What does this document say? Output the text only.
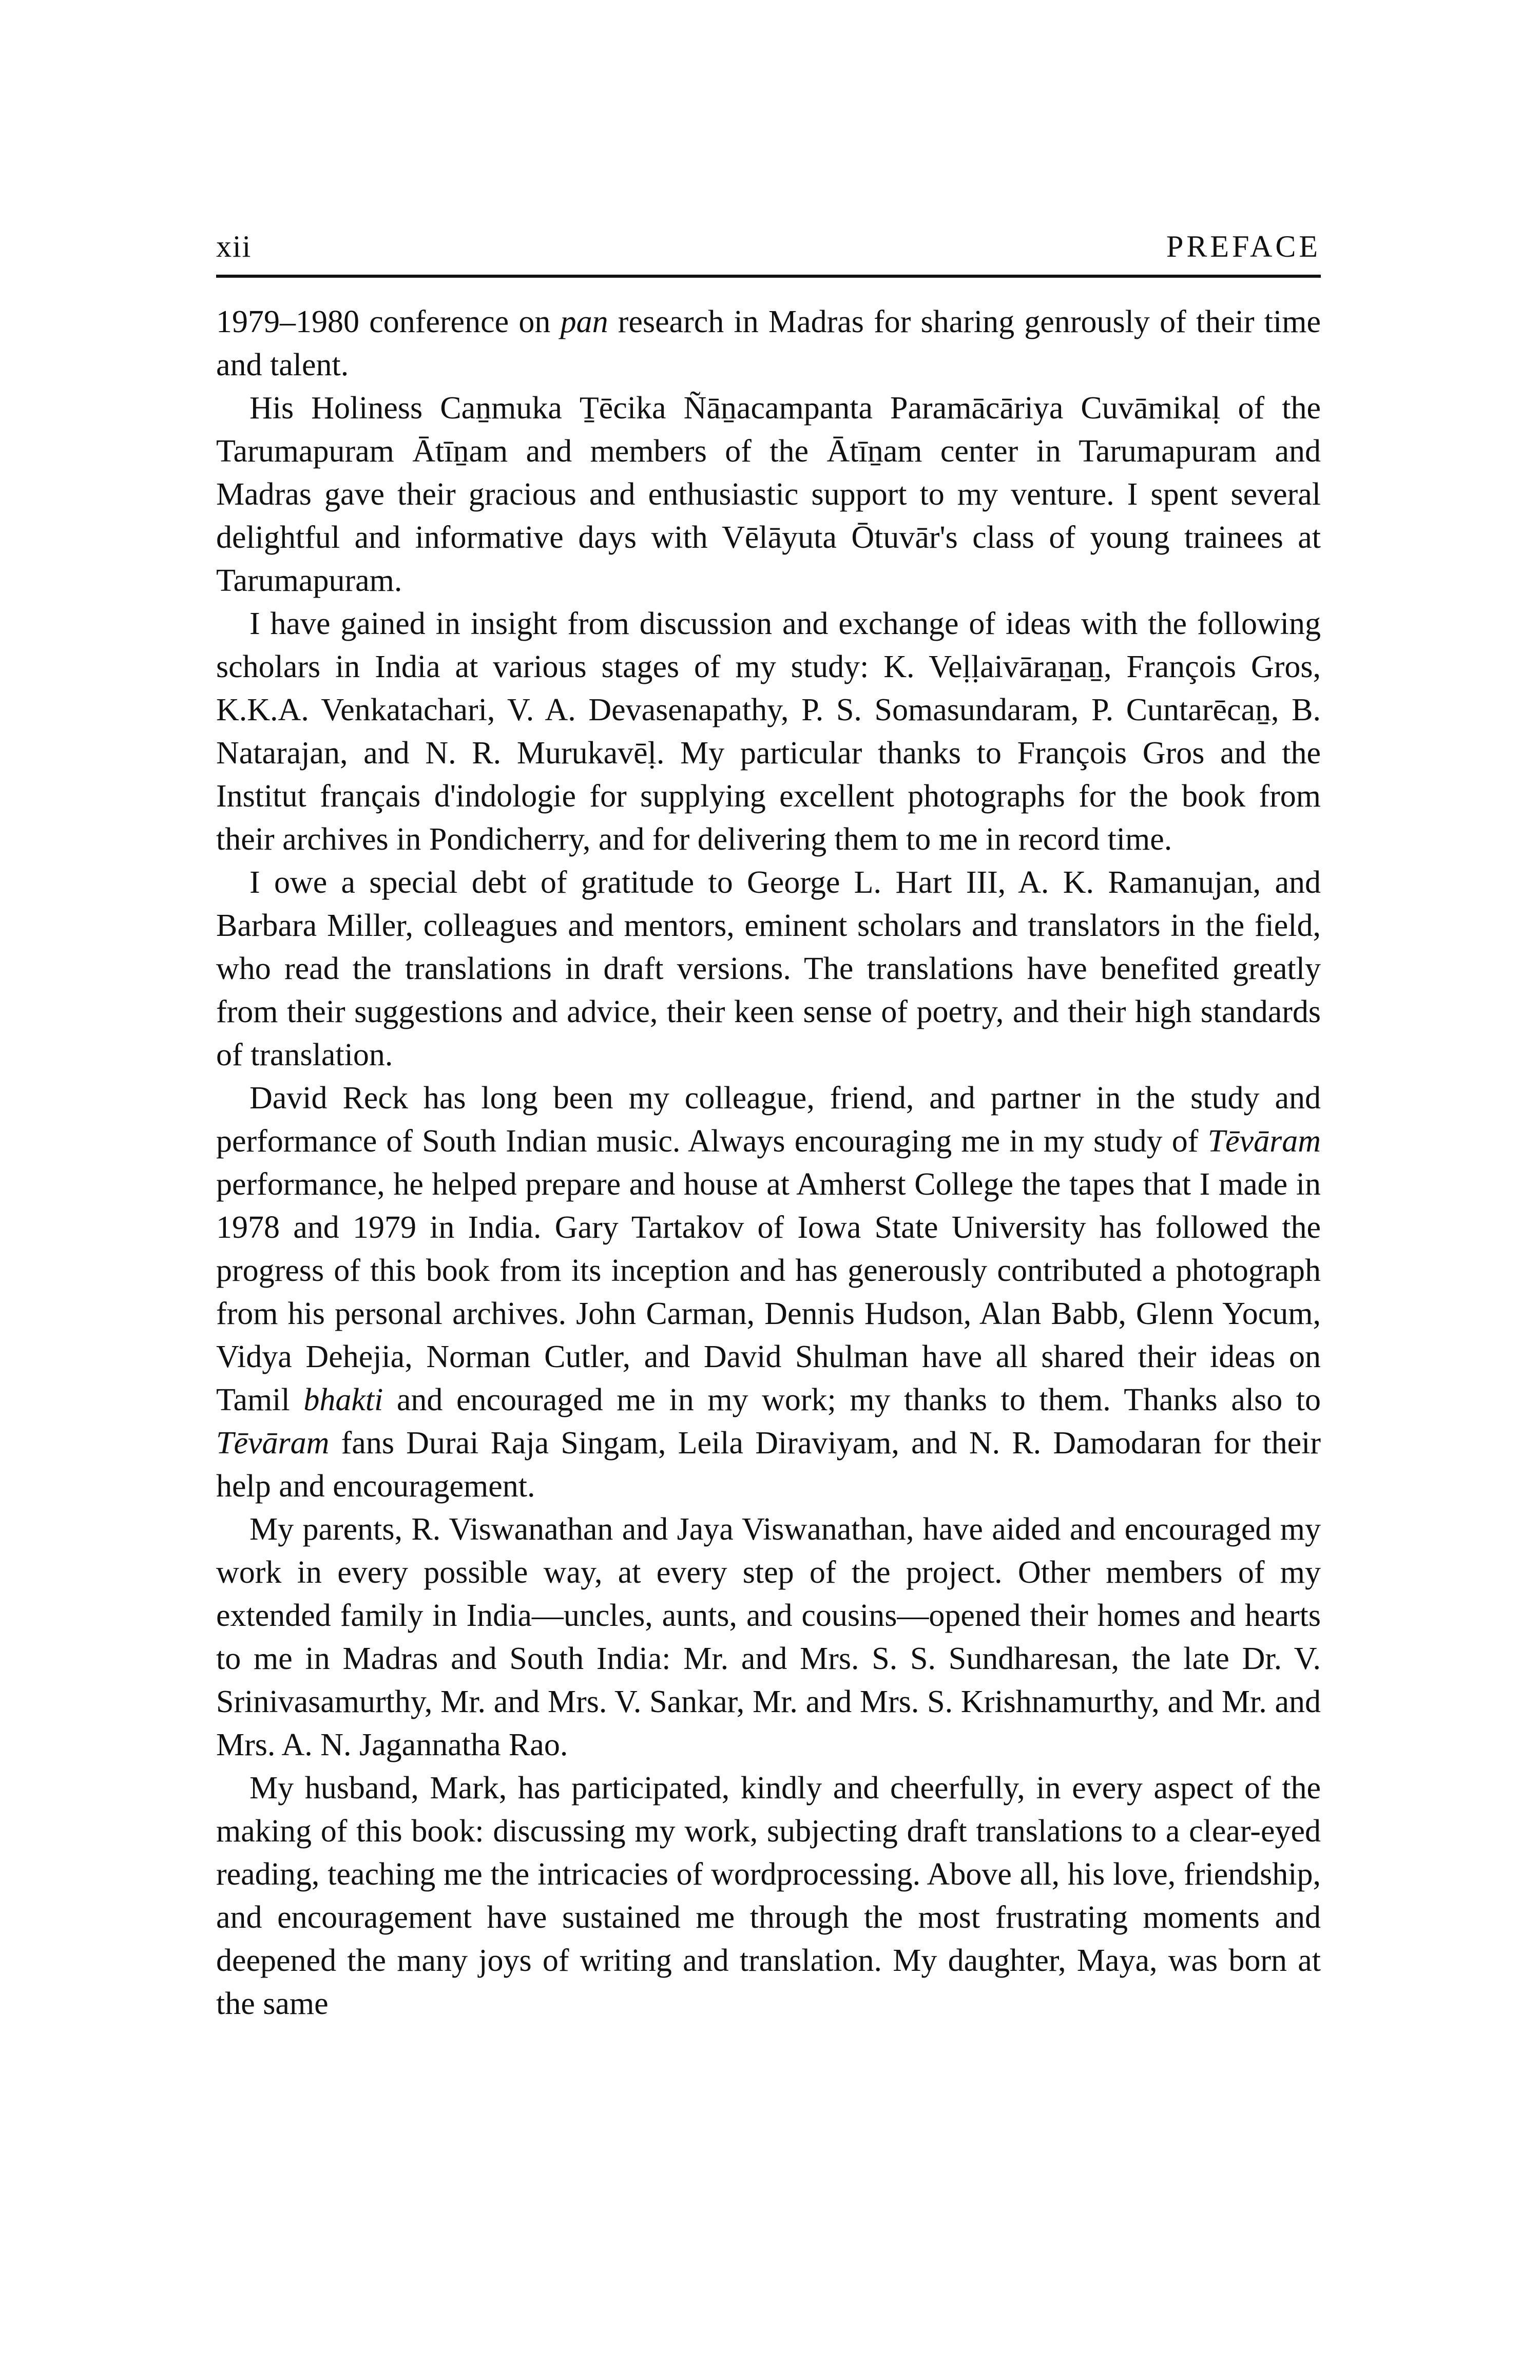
xii	PREFACE

1979–1980 conference on pan research in Madras for sharing genrously of their time and talent.

His Holiness Caṉmuka Ṯēcika Ñāṉacampanta Paramācāriya Cuvāmikaḷ of the Tarumapuram Ātīṉam and members of the Ātīṉam center in Tarumapuram and Madras gave their gracious and enthusiastic support to my venture. I spent several delightful and informative days with Vēlāyuta Ōtuvār's class of young trainees at Tarumapuram.

I have gained in insight from discussion and exchange of ideas with the following scholars in India at various stages of my study: K. Veḷḷaivāraṉaṉ, François Gros, K.K.A. Venkatachari, V. A. Devasenapathy, P. S. Somasundaram, P. Cuntarēcaṉ, B. Natarajan, and N. R. Murukavēḷ. My particular thanks to François Gros and the Institut français d'indologie for supplying excellent photographs for the book from their archives in Pondicherry, and for delivering them to me in record time.

I owe a special debt of gratitude to George L. Hart III, A. K. Ramanujan, and Barbara Miller, colleagues and mentors, eminent scholars and translators in the field, who read the translations in draft versions. The translations have benefited greatly from their suggestions and advice, their keen sense of poetry, and their high standards of translation.

David Reck has long been my colleague, friend, and partner in the study and performance of South Indian music. Always encouraging me in my study of Tēvāram performance, he helped prepare and house at Amherst College the tapes that I made in 1978 and 1979 in India. Gary Tartakov of Iowa State University has followed the progress of this book from its inception and has generously contributed a photograph from his personal archives. John Carman, Dennis Hudson, Alan Babb, Glenn Yocum, Vidya Dehejia, Norman Cutler, and David Shulman have all shared their ideas on Tamil bhakti and encouraged me in my work; my thanks to them. Thanks also to Tēvāram fans Durai Raja Singam, Leila Diraviyam, and N. R. Damodaran for their help and encouragement.

My parents, R. Viswanathan and Jaya Viswanathan, have aided and encouraged my work in every possible way, at every step of the project. Other members of my extended family in India—uncles, aunts, and cousins—opened their homes and hearts to me in Madras and South India: Mr. and Mrs. S. S. Sundharesan, the late Dr. V. Srinivasamurthy, Mr. and Mrs. V. Sankar, Mr. and Mrs. S. Krishnamurthy, and Mr. and Mrs. A. N. Jagannatha Rao.

My husband, Mark, has participated, kindly and cheerfully, in every aspect of the making of this book: discussing my work, subjecting draft translations to a clear-eyed reading, teaching me the intricacies of wordprocessing. Above all, his love, friendship, and encouragement have sustained me through the most frustrating moments and deepened the many joys of writing and translation. My daughter, Maya, was born at the same
